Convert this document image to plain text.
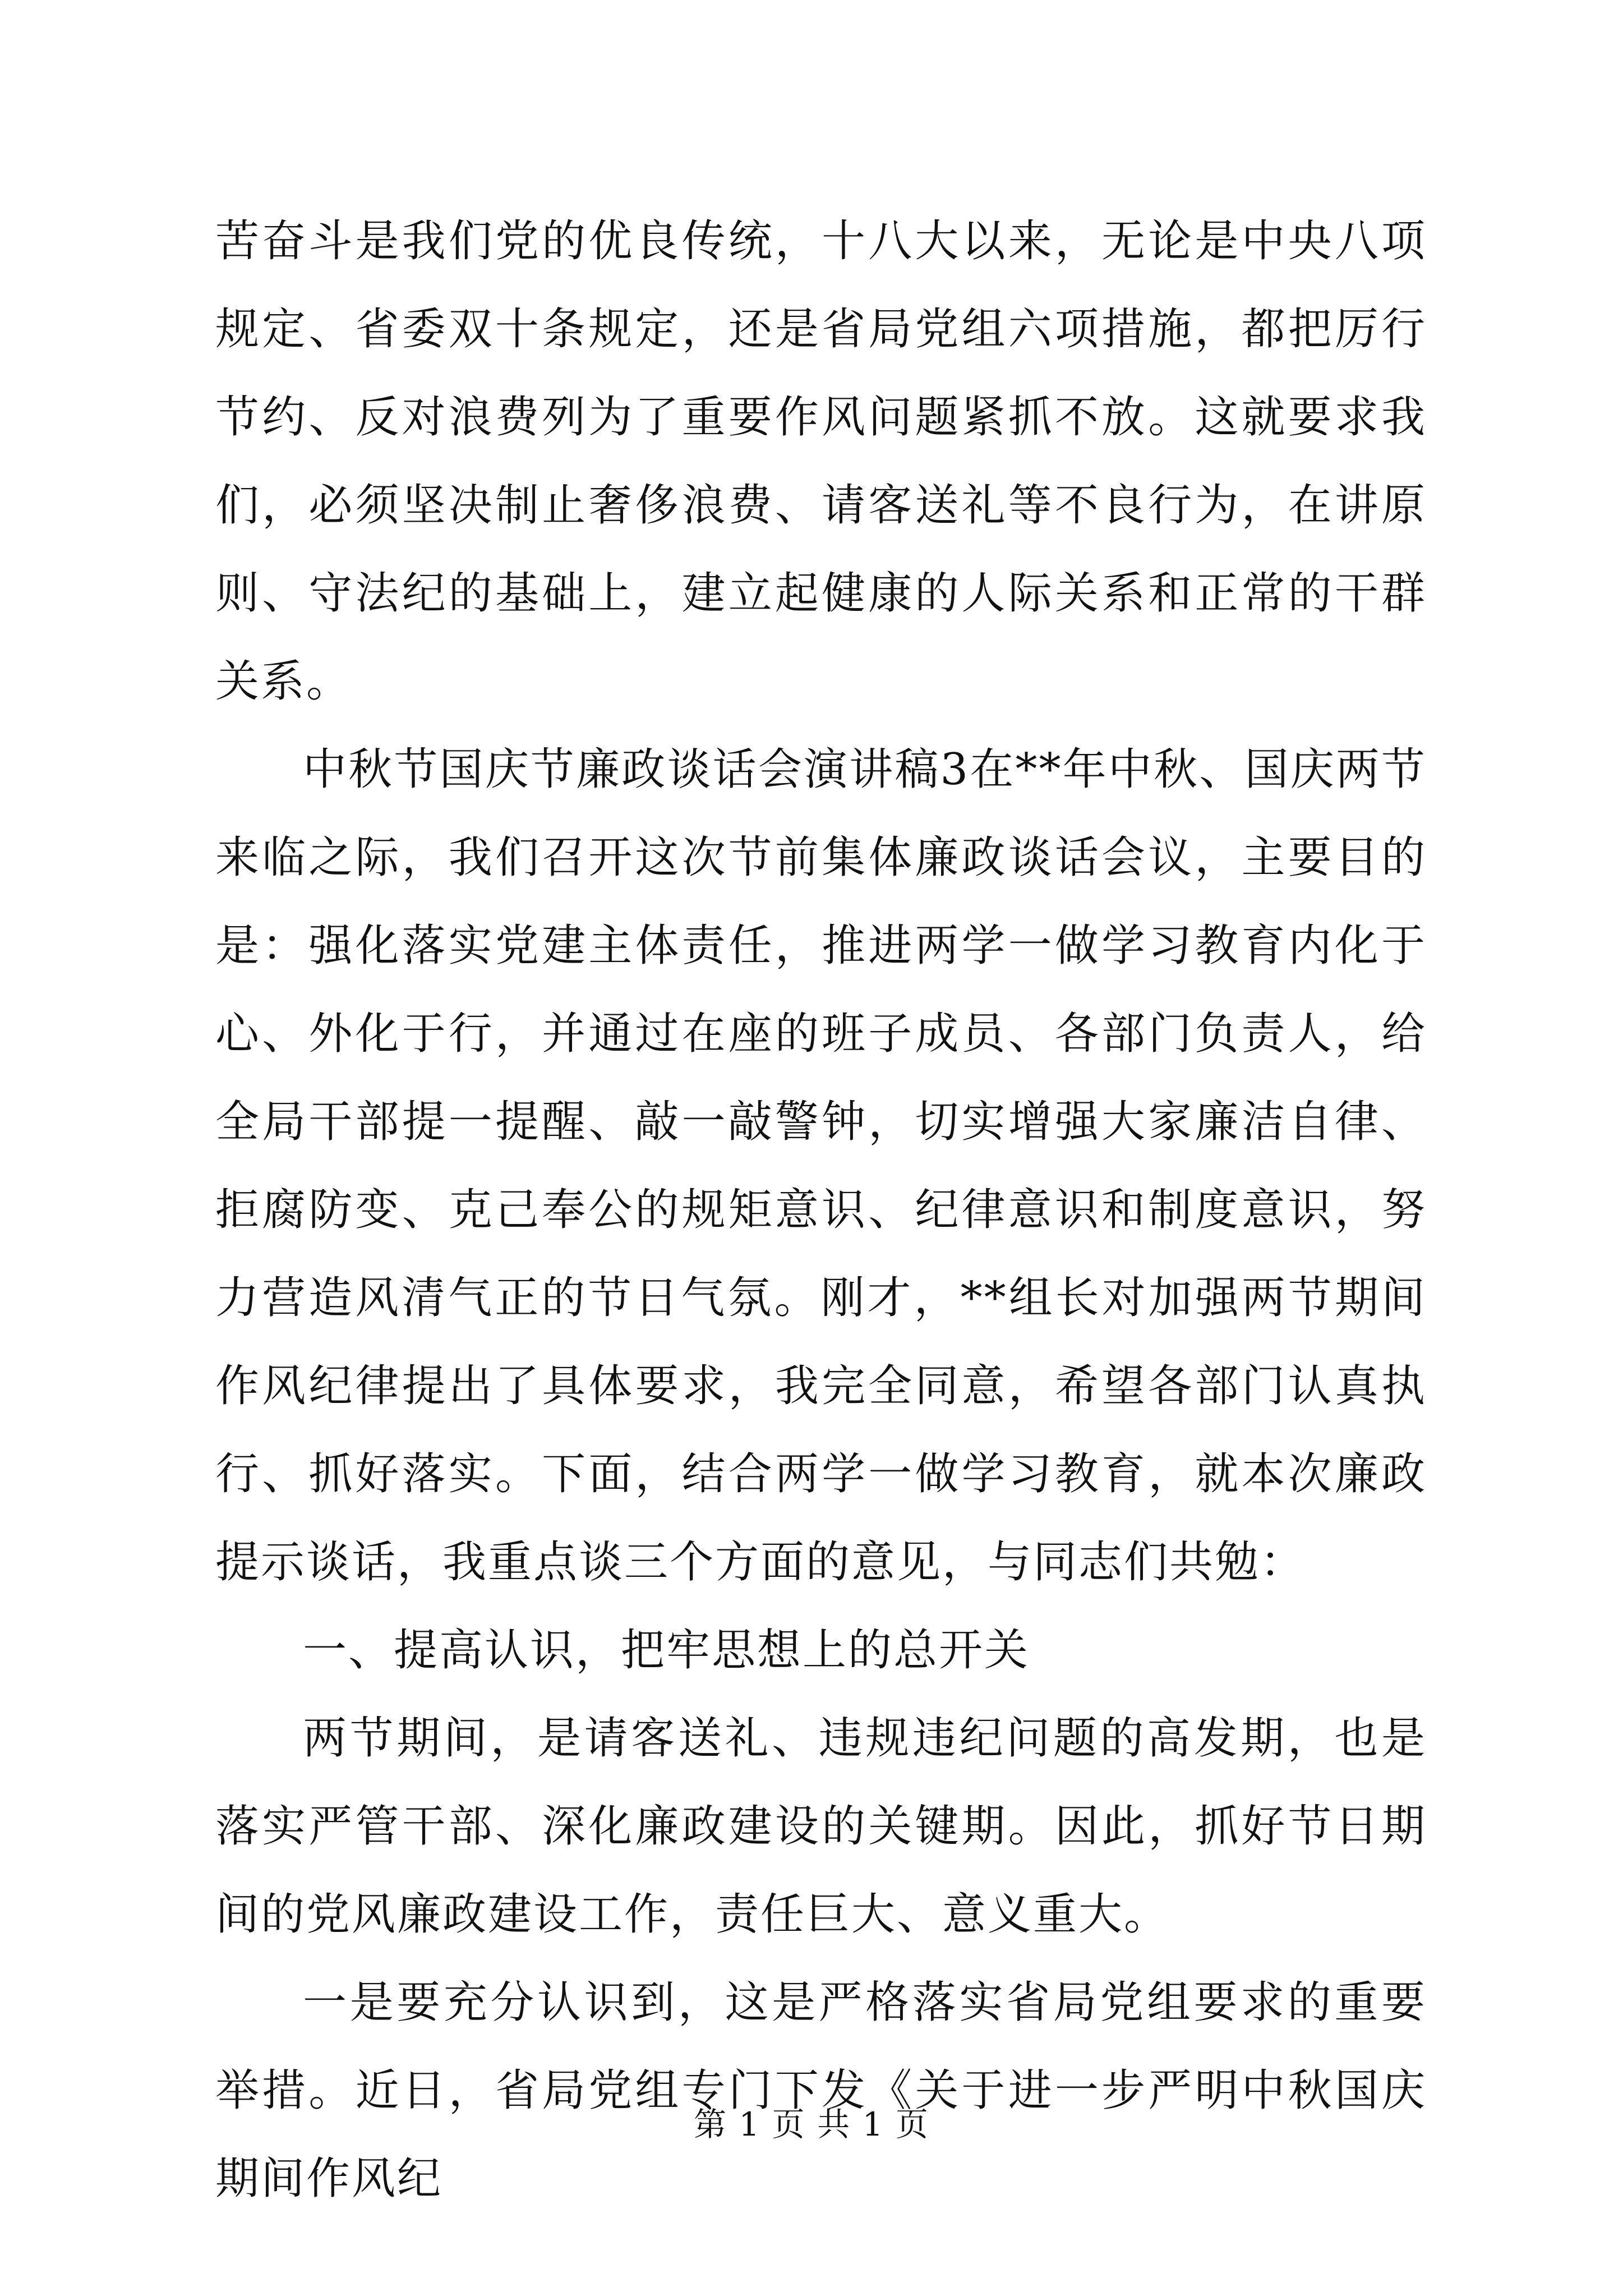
苦奋斗是我们党的优良传统，十八大以来，无论是中央八项规定、省委双十条规定，还是省局党组六项措施，都把厉行节约、反对浪费列为了重要作风问题紧抓不放。这就要求我们，必须坚决制止奢侈浪费、请客送礼等不良行为，在讲原则、守法纪的基础上，建立起健康的人际关系和正常的干群关系。

中秋节国庆节廉政谈话会演讲稿3在**年中秋、国庆两节来临之际，我们召开这次节前集体廉政谈话会议，主要目的是：强化落实党建主体责任，推进两学一做学习教育内化于心、外化于行，并通过在座的班子成员、各部门负责人，给全局干部提一提醒、敲一敲警钟，切实增强大家廉洁自律、拒腐防变、克己奉公的规矩意识、纪律意识和制度意识，努力营造风清气正的节日气氛。刚才，**组长对加强两节期间作风纪律提出了具体要求，我完全同意，希望各部门认真执行、抓好落实。下面，结合两学一做学习教育，就本次廉政提示谈话，我重点谈三个方面的意见，与同志们共勉：

一、提高认识，把牢思想上的总开关

两节期间，是请客送礼、违规违纪问题的高发期，也是落实严管干部、深化廉政建设的关键期。因此，抓好节日期间的党风廉政建设工作，责任巨大、意义重大。

一是要充分认识到，这是严格落实省局党组要求的重要举措。近日，省局党组专门下发《关于进一步严明中秋国庆期间作风纪

第 1 页 共 1 页
